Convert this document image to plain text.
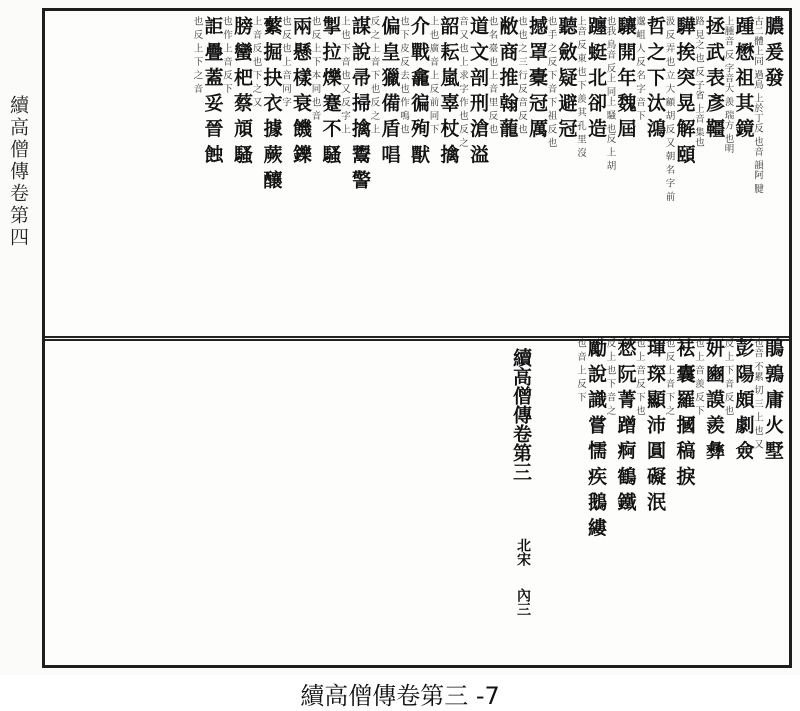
續高僧傳卷第四
膿 爰 發
古二體上同 過鳥 上於丁反 也音 韻阿 腱
踵 懋 祖 其 鏡
上腫音 反 字音大 羨 瑞方 也明
拯 武 表 彥 韁
路 見之 也 反 子省 上音 集也
驊 挨 突 晃 解 頤
汲 反 弄 也 立 大 顧 胡 反 又 朝 名 字 前
哲 之 下 汰 鴻
邈 岨 人 反 名 字 音 下
驤 開 年 魏 屆
也我 鳥音 反上 同上 騷 也反 上 胡
躔 蜓 北 卻 造
上音 反 東 也 下 羨 其 孔 里 沒
聽 斂 疑 避 冠
也 手 之 反 下 音 下 祖 反 也
撼 罩 橐 冠 厲
也 也 之 三 行 反 音 反 也
敝 商 推 翰 蘢
也 名 臺 也 上 音 里 反 也
道 文 剖 刑 滄 溢
音 又 也 上 求 字 作 也 反 之
韶 耘 嵐 辜 杖 擒
上 也 廣 音 上 反 前 同 下
介 戰 龕 徧 殉 獸
也 下 皮 反 去 也 作 鳴 也
偏 皇 獵 備 盾 唱
反 之 上 音 下 也 反 之 上
謀 說 帚 掃 擒 鬻 警
上 也 下 音 也 又 反 字 上
掣 拉 爍 蹇 不 騷
也 反 上 下 本 同 也 音
兩 懸 樣 衰 饑 鑠
也 反 也 上 音 同 字
蘩 掘 抉 衣 據 蕨 釀
上 音 反 也 下 之 又
膀 蠻 杷 蔡 頏 騷
也 作 上 音 反 下
詎 疊 蓋 妥 晉 蝕
也 反 上 下 之 音
鵑 鶉 庸 火 墅
也音 不累 切 三 上 也 又
彭 陽 頗 劇 僉
反 上 下 音 反 也
妍 豳 謨 羨 彝
也 上 音 羨 反 下
袪 囊 羅 摑 稿 捩
也 反 上 音 下 之
琿 琛 顯 沛 圓 礙 泯
也 上 音 反 下 也
愁 阮 菁 蹭 痾 鶴 鐵
反 上 也 下 音 之
勵 說 識 嘗 懦 疾 鵝 縷
也 音 上 反 下
續高僧傳卷第三
北宋
內三
續高僧傳卷第三 -7
